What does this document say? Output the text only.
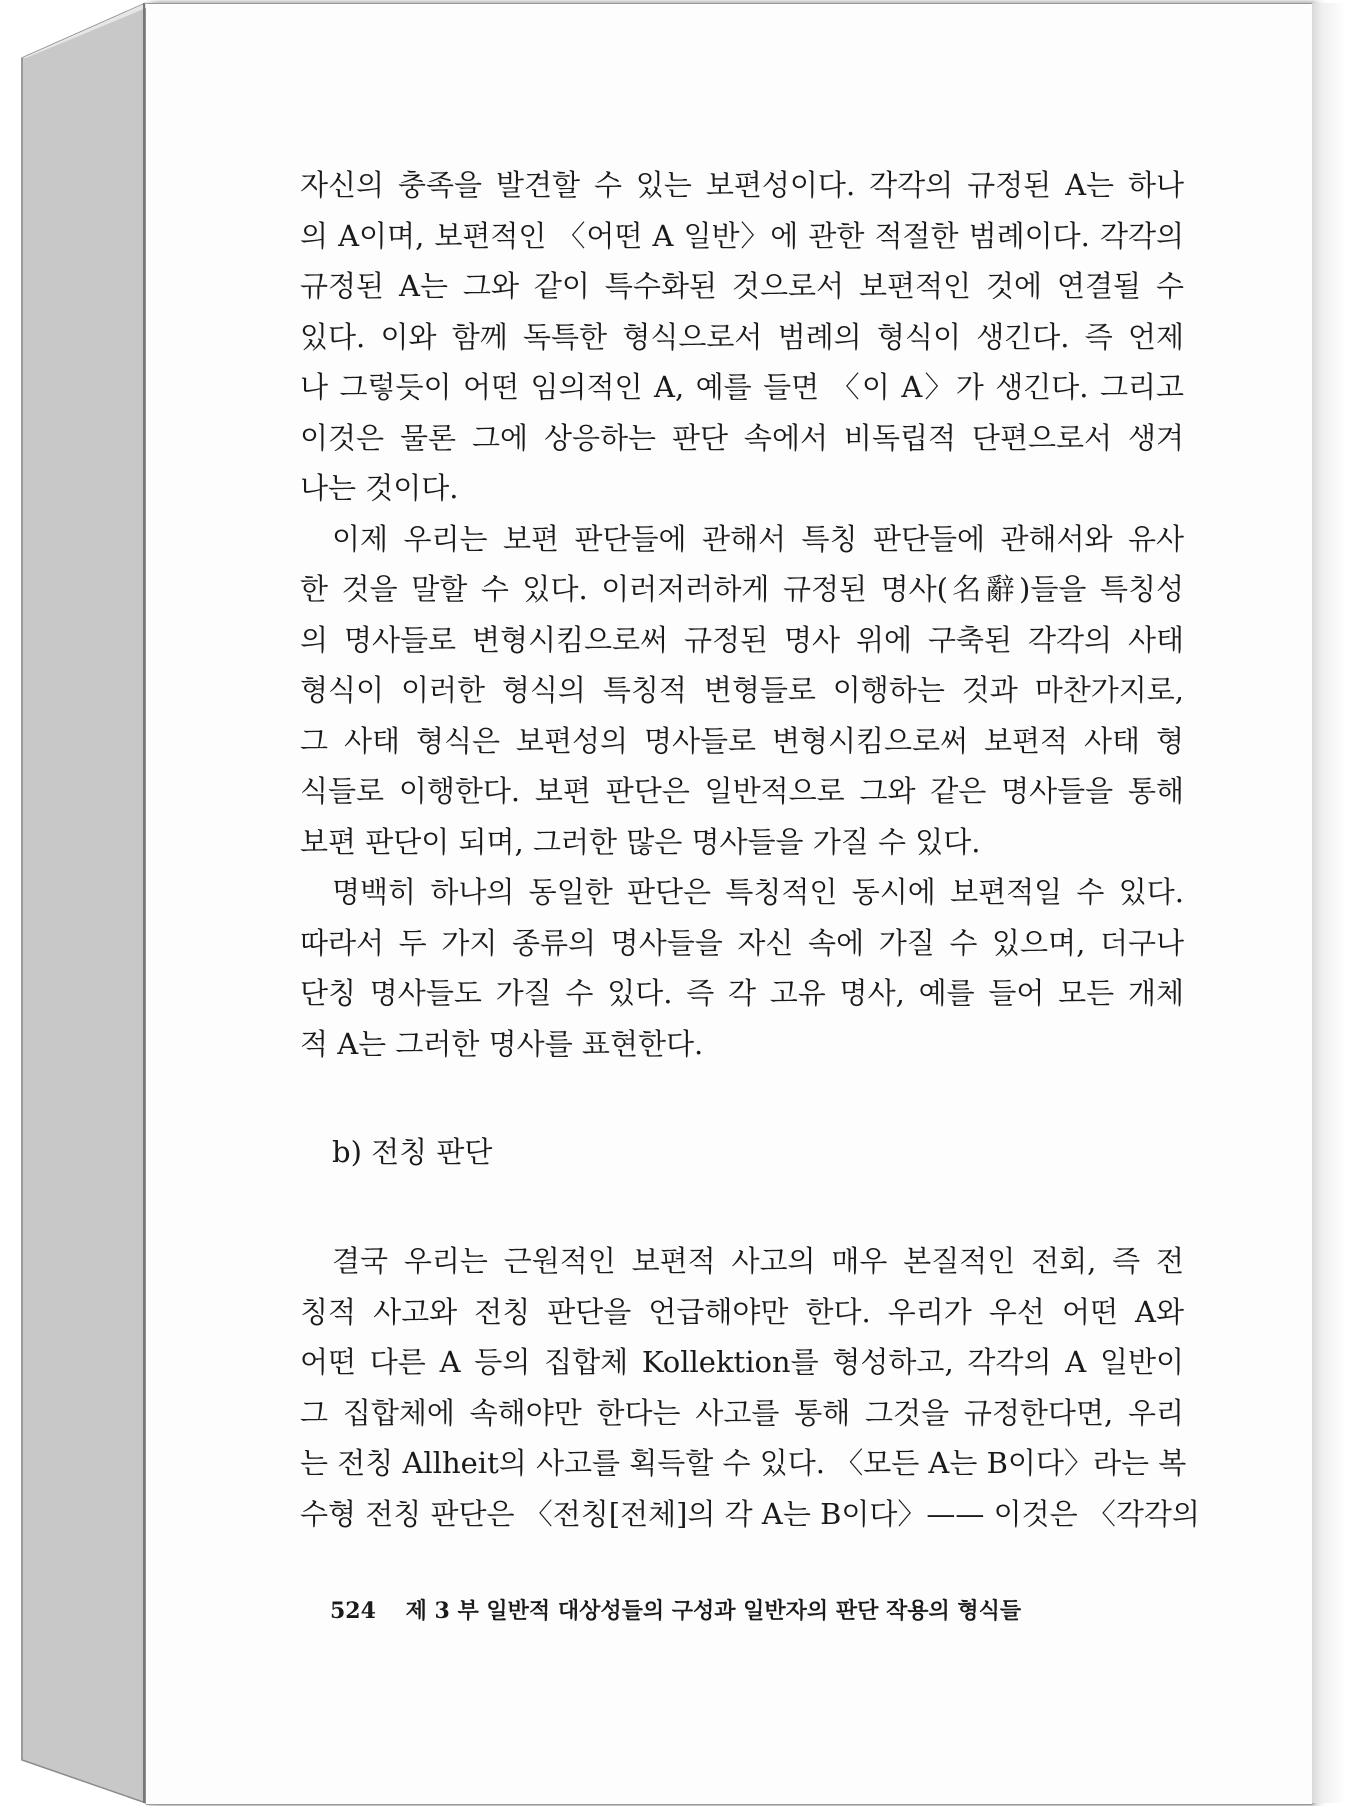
자신의 충족을 발견할 수 있는 보편성이다. 각각의 규정된 A는 하나
의 A이며, 보편적인 〈어떤 A 일반〉에 관한 적절한 범례이다. 각각의
규정된 A는 그와 같이 특수화된 것으로서 보편적인 것에 연결될 수
있다. 이와 함께 독특한 형식으로서 범례의 형식이 생긴다. 즉 언제
나 그렇듯이 어떤 임의적인 A, 예를 들면 〈이 A〉가 생긴다. 그리고
이것은 물론 그에 상응하는 판단 속에서 비독립적 단편으로서 생겨
나는 것이다.
이제 우리는 보편 판단들에 관해서 특칭 판단들에 관해서와 유사
한 것을 말할 수 있다. 이러저러하게 규정된 명사(名辭)들을 특칭성
의 명사들로 변형시킴으로써 규정된 명사 위에 구축된 각각의 사태
형식이 이러한 형식의 특칭적 변형들로 이행하는 것과 마찬가지로,
그 사태 형식은 보편성의 명사들로 변형시킴으로써 보편적 사태 형
식들로 이행한다. 보편 판단은 일반적으로 그와 같은 명사들을 통해
보편 판단이 되며, 그러한 많은 명사들을 가질 수 있다.
명백히 하나의 동일한 판단은 특칭적인 동시에 보편적일 수 있다.
따라서 두 가지 종류의 명사들을 자신 속에 가질 수 있으며, 더구나
단칭 명사들도 가질 수 있다. 즉 각 고유 명사, 예를 들어 모든 개체
적 A는 그러한 명사를 표현한다.
b) 전칭 판단
결국 우리는 근원적인 보편적 사고의 매우 본질적인 전회, 즉 전
칭적 사고와 전칭 판단을 언급해야만 한다. 우리가 우선 어떤 A와
어떤 다른 A 등의 집합체 Kollektion를 형성하고, 각각의 A 일반이
그 집합체에 속해야만 한다는 사고를 통해 그것을 규정한다면, 우리
는 전칭 Allheit의 사고를 획득할 수 있다. 〈모든 A는 B이다〉라는 복
수형 전칭 판단은 〈전칭[전체]의 각 A는 B이다〉—— 이것은 〈각각의
524 제 3 부 일반적 대상성들의 구성과 일반자의 판단 작용의 형식들
